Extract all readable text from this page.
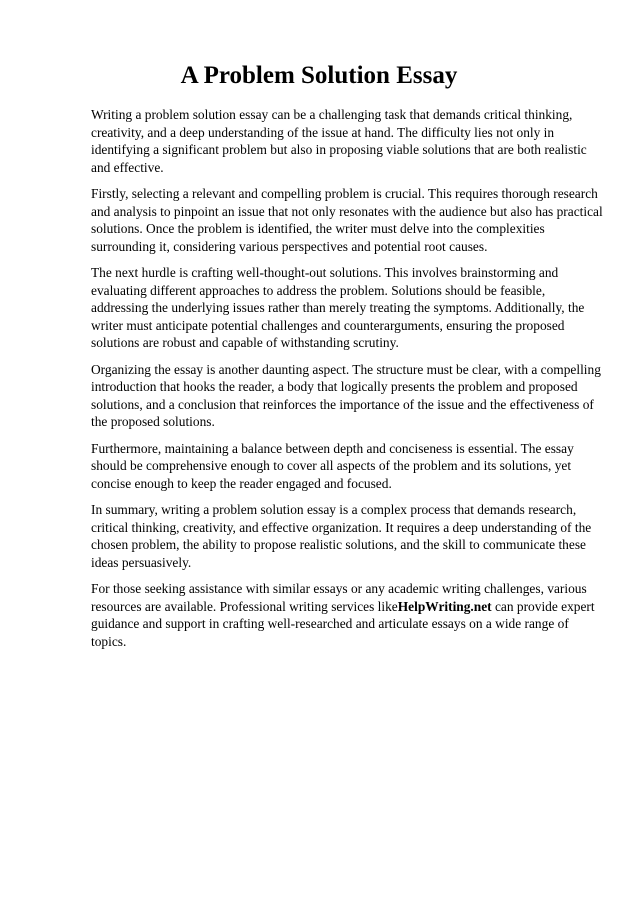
A Problem Solution Essay

Writing a problem solution essay can be a challenging task that demands critical thinking, creativity, and a deep understanding of the issue at hand. The difficulty lies not only in identifying a significant problem but also in proposing viable solutions that are both realistic and effective.

Firstly, selecting a relevant and compelling problem is crucial. This requires thorough research and analysis to pinpoint an issue that not only resonates with the audience but also has practical solutions. Once the problem is identified, the writer must delve into the complexities surrounding it, considering various perspectives and potential root causes.

The next hurdle is crafting well-thought-out solutions. This involves brainstorming and evaluating different approaches to address the problem. Solutions should be feasible, addressing the underlying issues rather than merely treating the symptoms. Additionally, the writer must anticipate potential challenges and counterarguments, ensuring the proposed solutions are robust and capable of withstanding scrutiny.

Organizing the essay is another daunting aspect. The structure must be clear, with a compelling introduction that hooks the reader, a body that logically presents the problem and proposed solutions, and a conclusion that reinforces the importance of the issue and the effectiveness of the proposed solutions.

Furthermore, maintaining a balance between depth and conciseness is essential. The essay should be comprehensive enough to cover all aspects of the problem and its solutions, yet concise enough to keep the reader engaged and focused.

In summary, writing a problem solution essay is a complex process that demands research, critical thinking, creativity, and effective organization. It requires a deep understanding of the chosen problem, the ability to propose realistic solutions, and the skill to communicate these ideas persuasively.

For those seeking assistance with similar essays or any academic writing challenges, various resources are available. Professional writing services likeHelpWriting.net can provide expert guidance and support in crafting well-researched and articulate essays on a wide range of topics.
